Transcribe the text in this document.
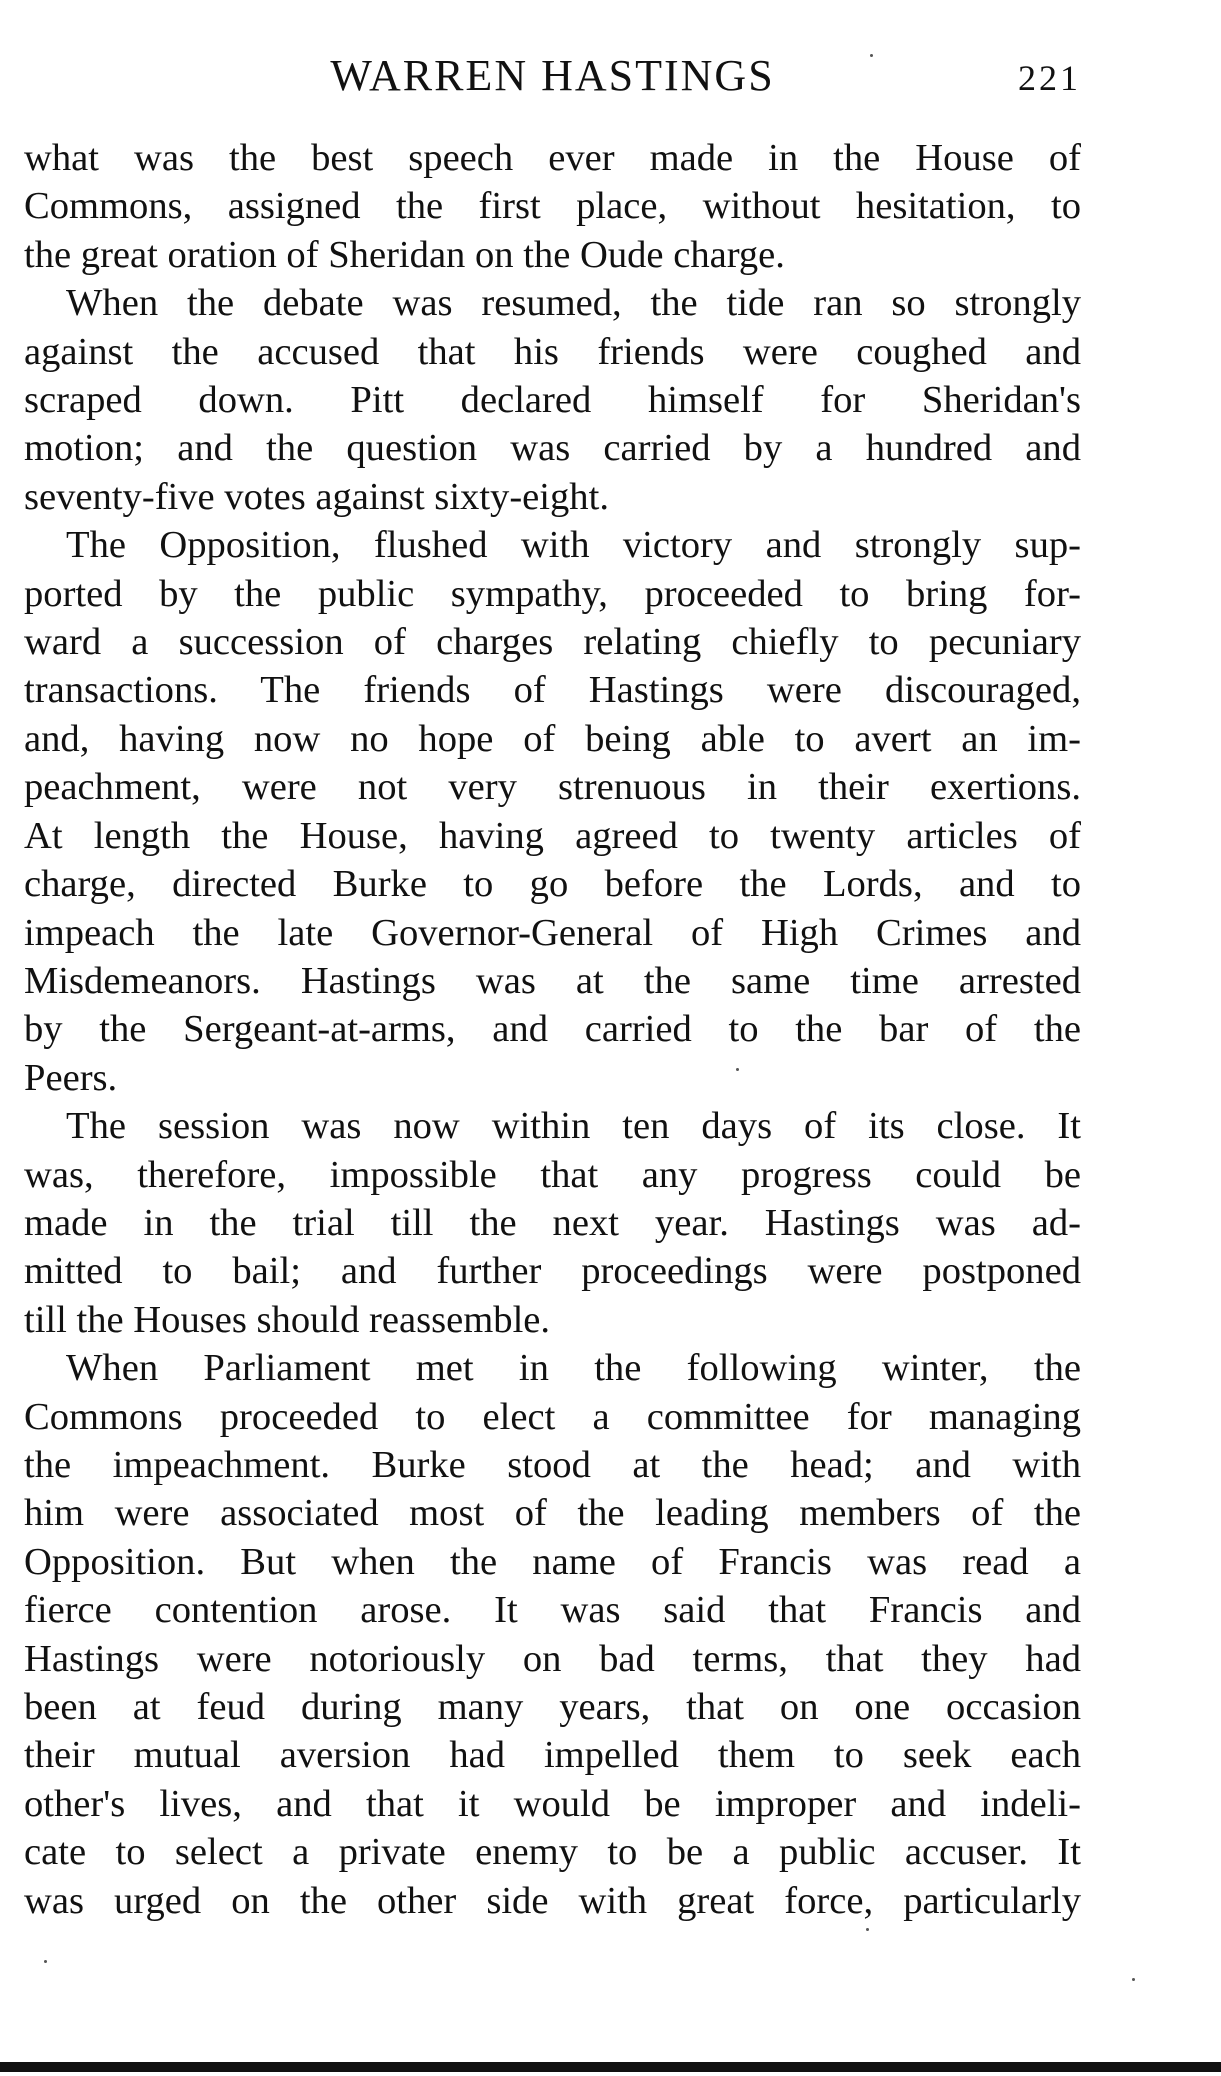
WARREN HASTINGS	221

what was the best speech ever made in the House of
Commons, assigned the first place, without hesitation, to
the great oration of Sheridan on the Oude charge.

When the debate was resumed, the tide ran so strongly
against the accused that his friends were coughed and
scraped down. Pitt declared himself for Sheridan's
motion; and the question was carried by a hundred and
seventy-five votes against sixty-eight.

The Opposition, flushed with victory and strongly sup-
ported by the public sympathy, proceeded to bring for-
ward a succession of charges relating chiefly to pecuniary
transactions. The friends of Hastings were discouraged,
and, having now no hope of being able to avert an im-
peachment, were not very strenuous in their exertions.
At length the House, having agreed to twenty articles of
charge, directed Burke to go before the Lords, and to
impeach the late Governor-General of High Crimes and
Misdemeanors. Hastings was at the same time arrested
by the Sergeant-at-arms, and carried to the bar of the
Peers.

The session was now within ten days of its close. It
was, therefore, impossible that any progress could be
made in the trial till the next year. Hastings was ad-
mitted to bail; and further proceedings were postponed
till the Houses should reassemble.

When Parliament met in the following winter, the
Commons proceeded to elect a committee for managing
the impeachment. Burke stood at the head; and with
him were associated most of the leading members of the
Opposition. But when the name of Francis was read a
fierce contention arose. It was said that Francis and
Hastings were notoriously on bad terms, that they had
been at feud during many years, that on one occasion
their mutual aversion had impelled them to seek each
other's lives, and that it would be improper and indeli-
cate to select a private enemy to be a public accuser. It
was urged on the other side with great force, particularly
